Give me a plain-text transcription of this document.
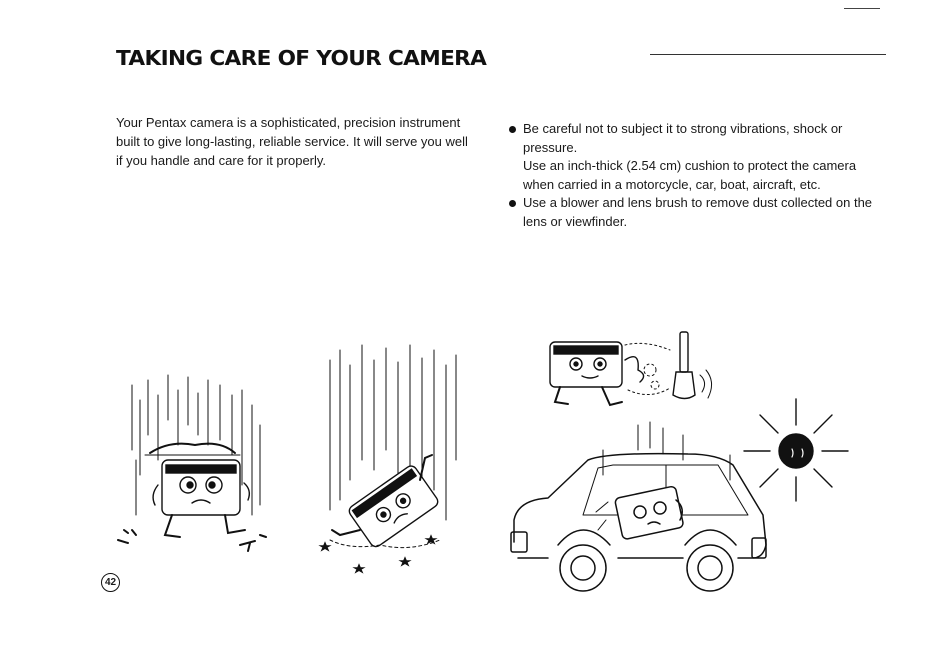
TAKING CARE OF YOUR CAMERA

Your Pentax camera is a sophisticated, precision instrument built to give long-lasting, reliable service. It will serve you well if you handle and care for it properly.

Be careful not to subject it to strong vibrations, shock or pressure.

Use an inch-thick (2.54 cm) cushion to protect the camera when carried in a motorcycle, car, boat, aircraft, etc.

Use a blower and lens brush to remove dust collected on the lens or viewfinder.

42
